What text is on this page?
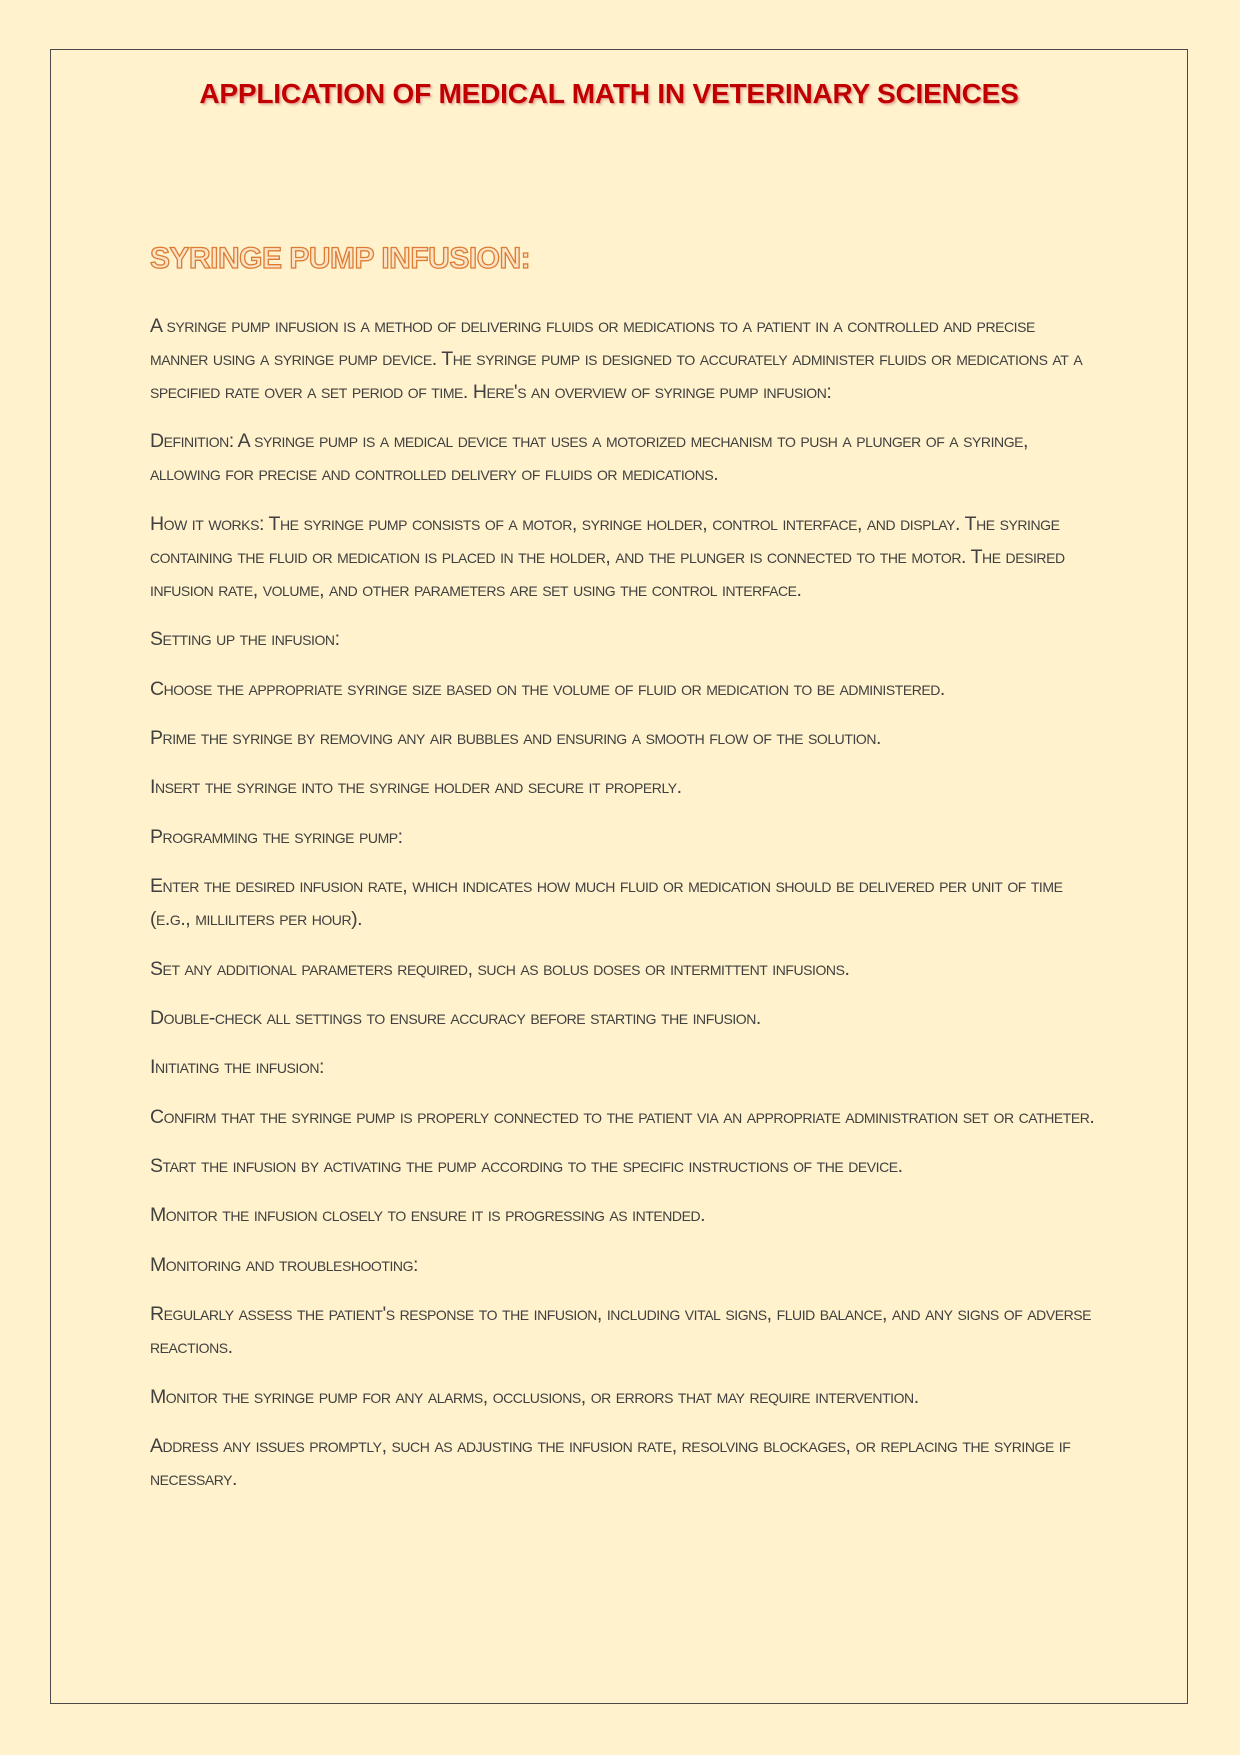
APPLICATION OF MEDICAL MATH IN VETERINARY SCIENCES
SYRINGE PUMP INFUSION:

A syringe pump infusion is a method of delivering fluids or medications to a patient in a controlled and precise manner using a syringe pump device. The syringe pump is designed to accurately administer fluids or medications at a specified rate over a set period of time. Here's an overview of syringe pump infusion:

Definition: A syringe pump is a medical device that uses a motorized mechanism to push a plunger of a syringe, allowing for precise and controlled delivery of fluids or medications.

How it works: The syringe pump consists of a motor, syringe holder, control interface, and display. The syringe containing the fluid or medication is placed in the holder, and the plunger is connected to the motor. The desired infusion rate, volume, and other parameters are set using the control interface.

Setting up the infusion:

Choose the appropriate syringe size based on the volume of fluid or medication to be administered.

Prime the syringe by removing any air bubbles and ensuring a smooth flow of the solution.

Insert the syringe into the syringe holder and secure it properly.

Programming the syringe pump:

Enter the desired infusion rate, which indicates how much fluid or medication should be delivered per unit of time (e.g., milliliters per hour).

Set any additional parameters required, such as bolus doses or intermittent infusions.

Double-check all settings to ensure accuracy before starting the infusion.

Initiating the infusion:

Confirm that the syringe pump is properly connected to the patient via an appropriate administration set or catheter.

Start the infusion by activating the pump according to the specific instructions of the device.

Monitor the infusion closely to ensure it is progressing as intended.

Monitoring and troubleshooting:

Regularly assess the patient's response to the infusion, including vital signs, fluid balance, and any signs of adverse reactions.

Monitor the syringe pump for any alarms, occlusions, or errors that may require intervention.

Address any issues promptly, such as adjusting the infusion rate, resolving blockages, or replacing the syringe if necessary.
